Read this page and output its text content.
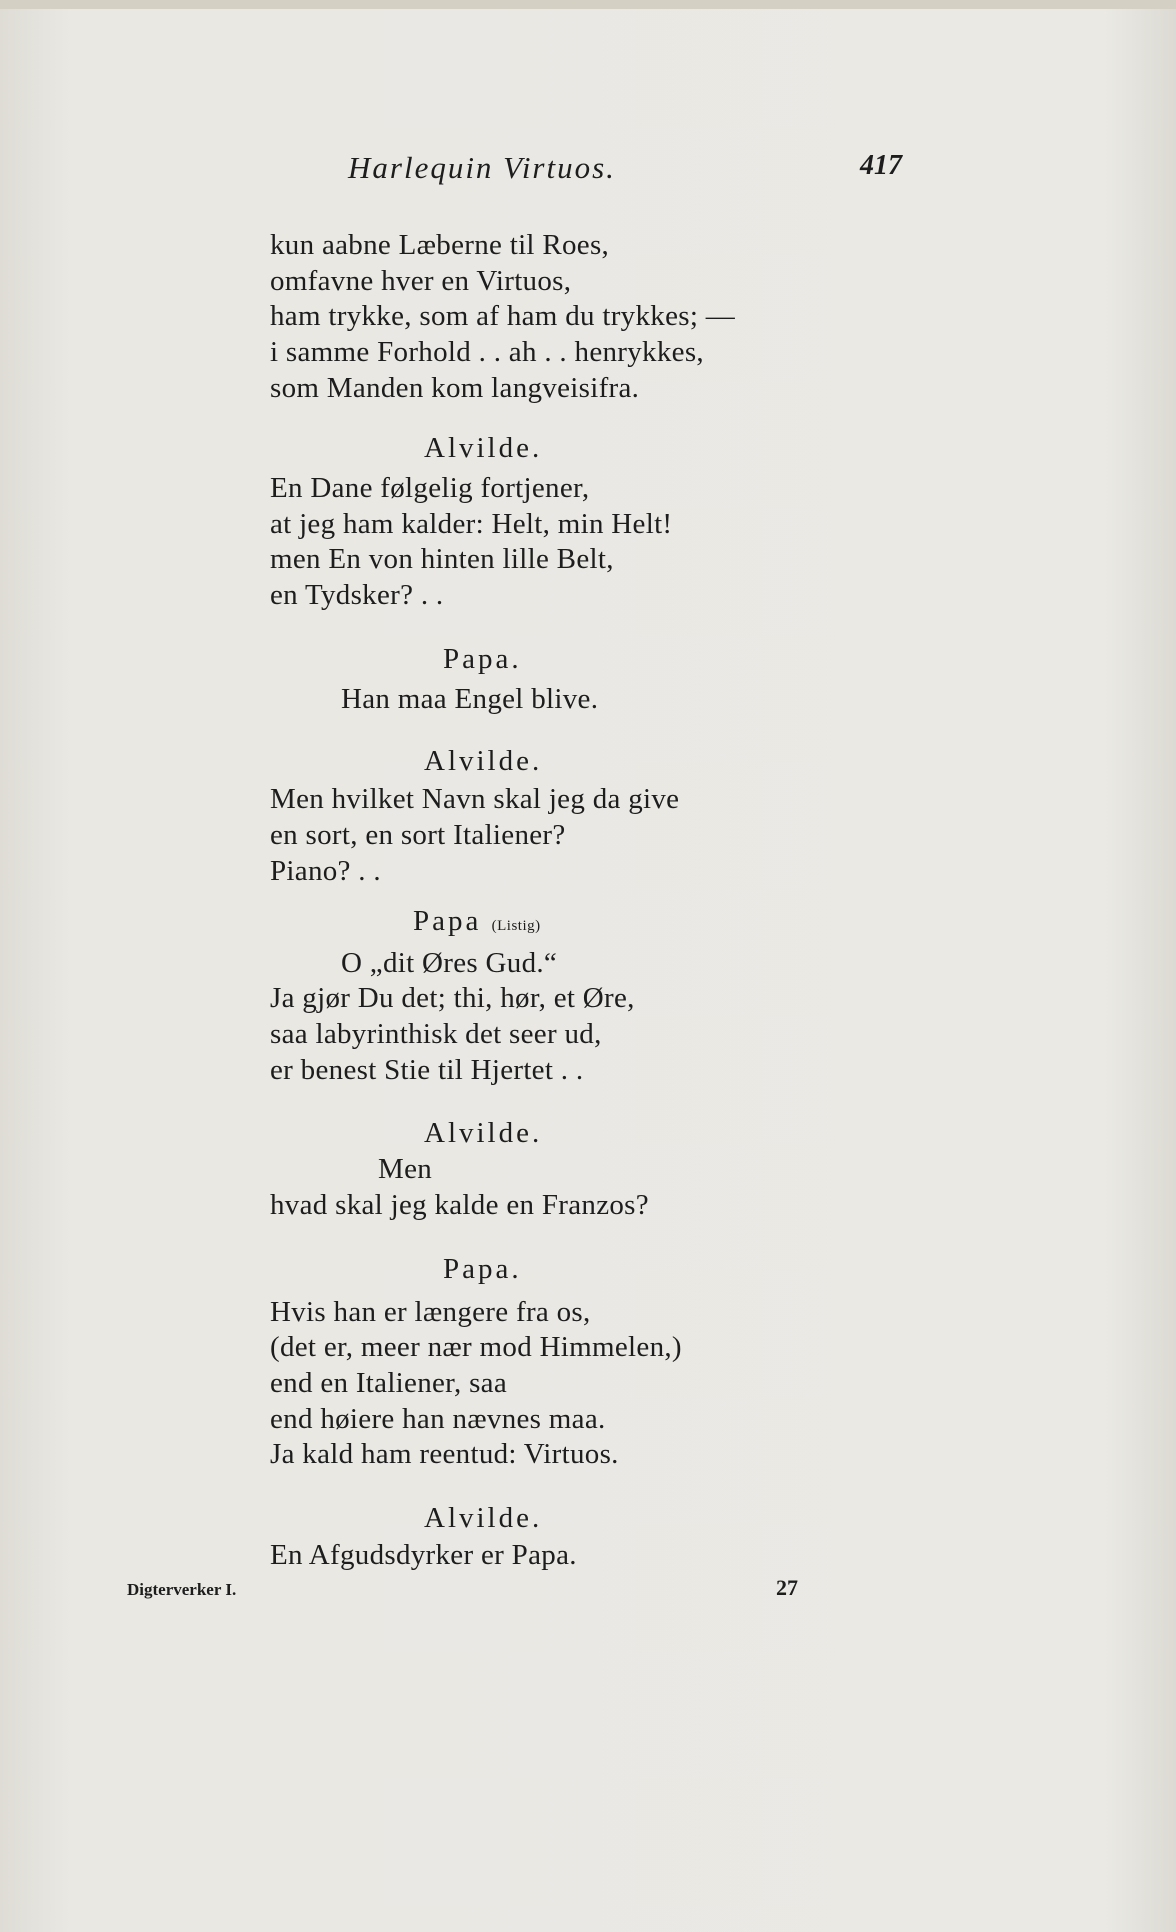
Harlequin Virtuos.	417
kun aabne Læberne til Roes,
omfavne hver en Virtuos,
ham trykke, som af ham du trykkes; —
i samme Forhold . . ah . . henrykkes,
som Manden kom langveisifra.
Alvilde.
En Dane følgelig fortjener,
at jeg ham kalder: Helt, min Helt!
men En von hinten lille Belt,
en Tydsker? . .
Papa.
Han maa Engel blive.
Alvilde.
Men hvilket Navn skal jeg da give
en sort, en sort Italiener?
Piano? . .
Papa (Listig)
O „dit Øres Gud.“
Ja gjør Du det; thi, hør, et Øre,
saa labyrinthisk det seer ud,
er benest Stie til Hjertet . .
Alvilde.
Men
hvad skal jeg kalde en Franzos?
Papa.
Hvis han er længere fra os,
(det er, meer nær mod Himmelen,)
end en Italiener, saa
end høiere han nævnes maa.
Ja kald ham reentud: Virtuos.
Alvilde.
En Afgudsdyrker er Papa.
Digterverker I.	27
